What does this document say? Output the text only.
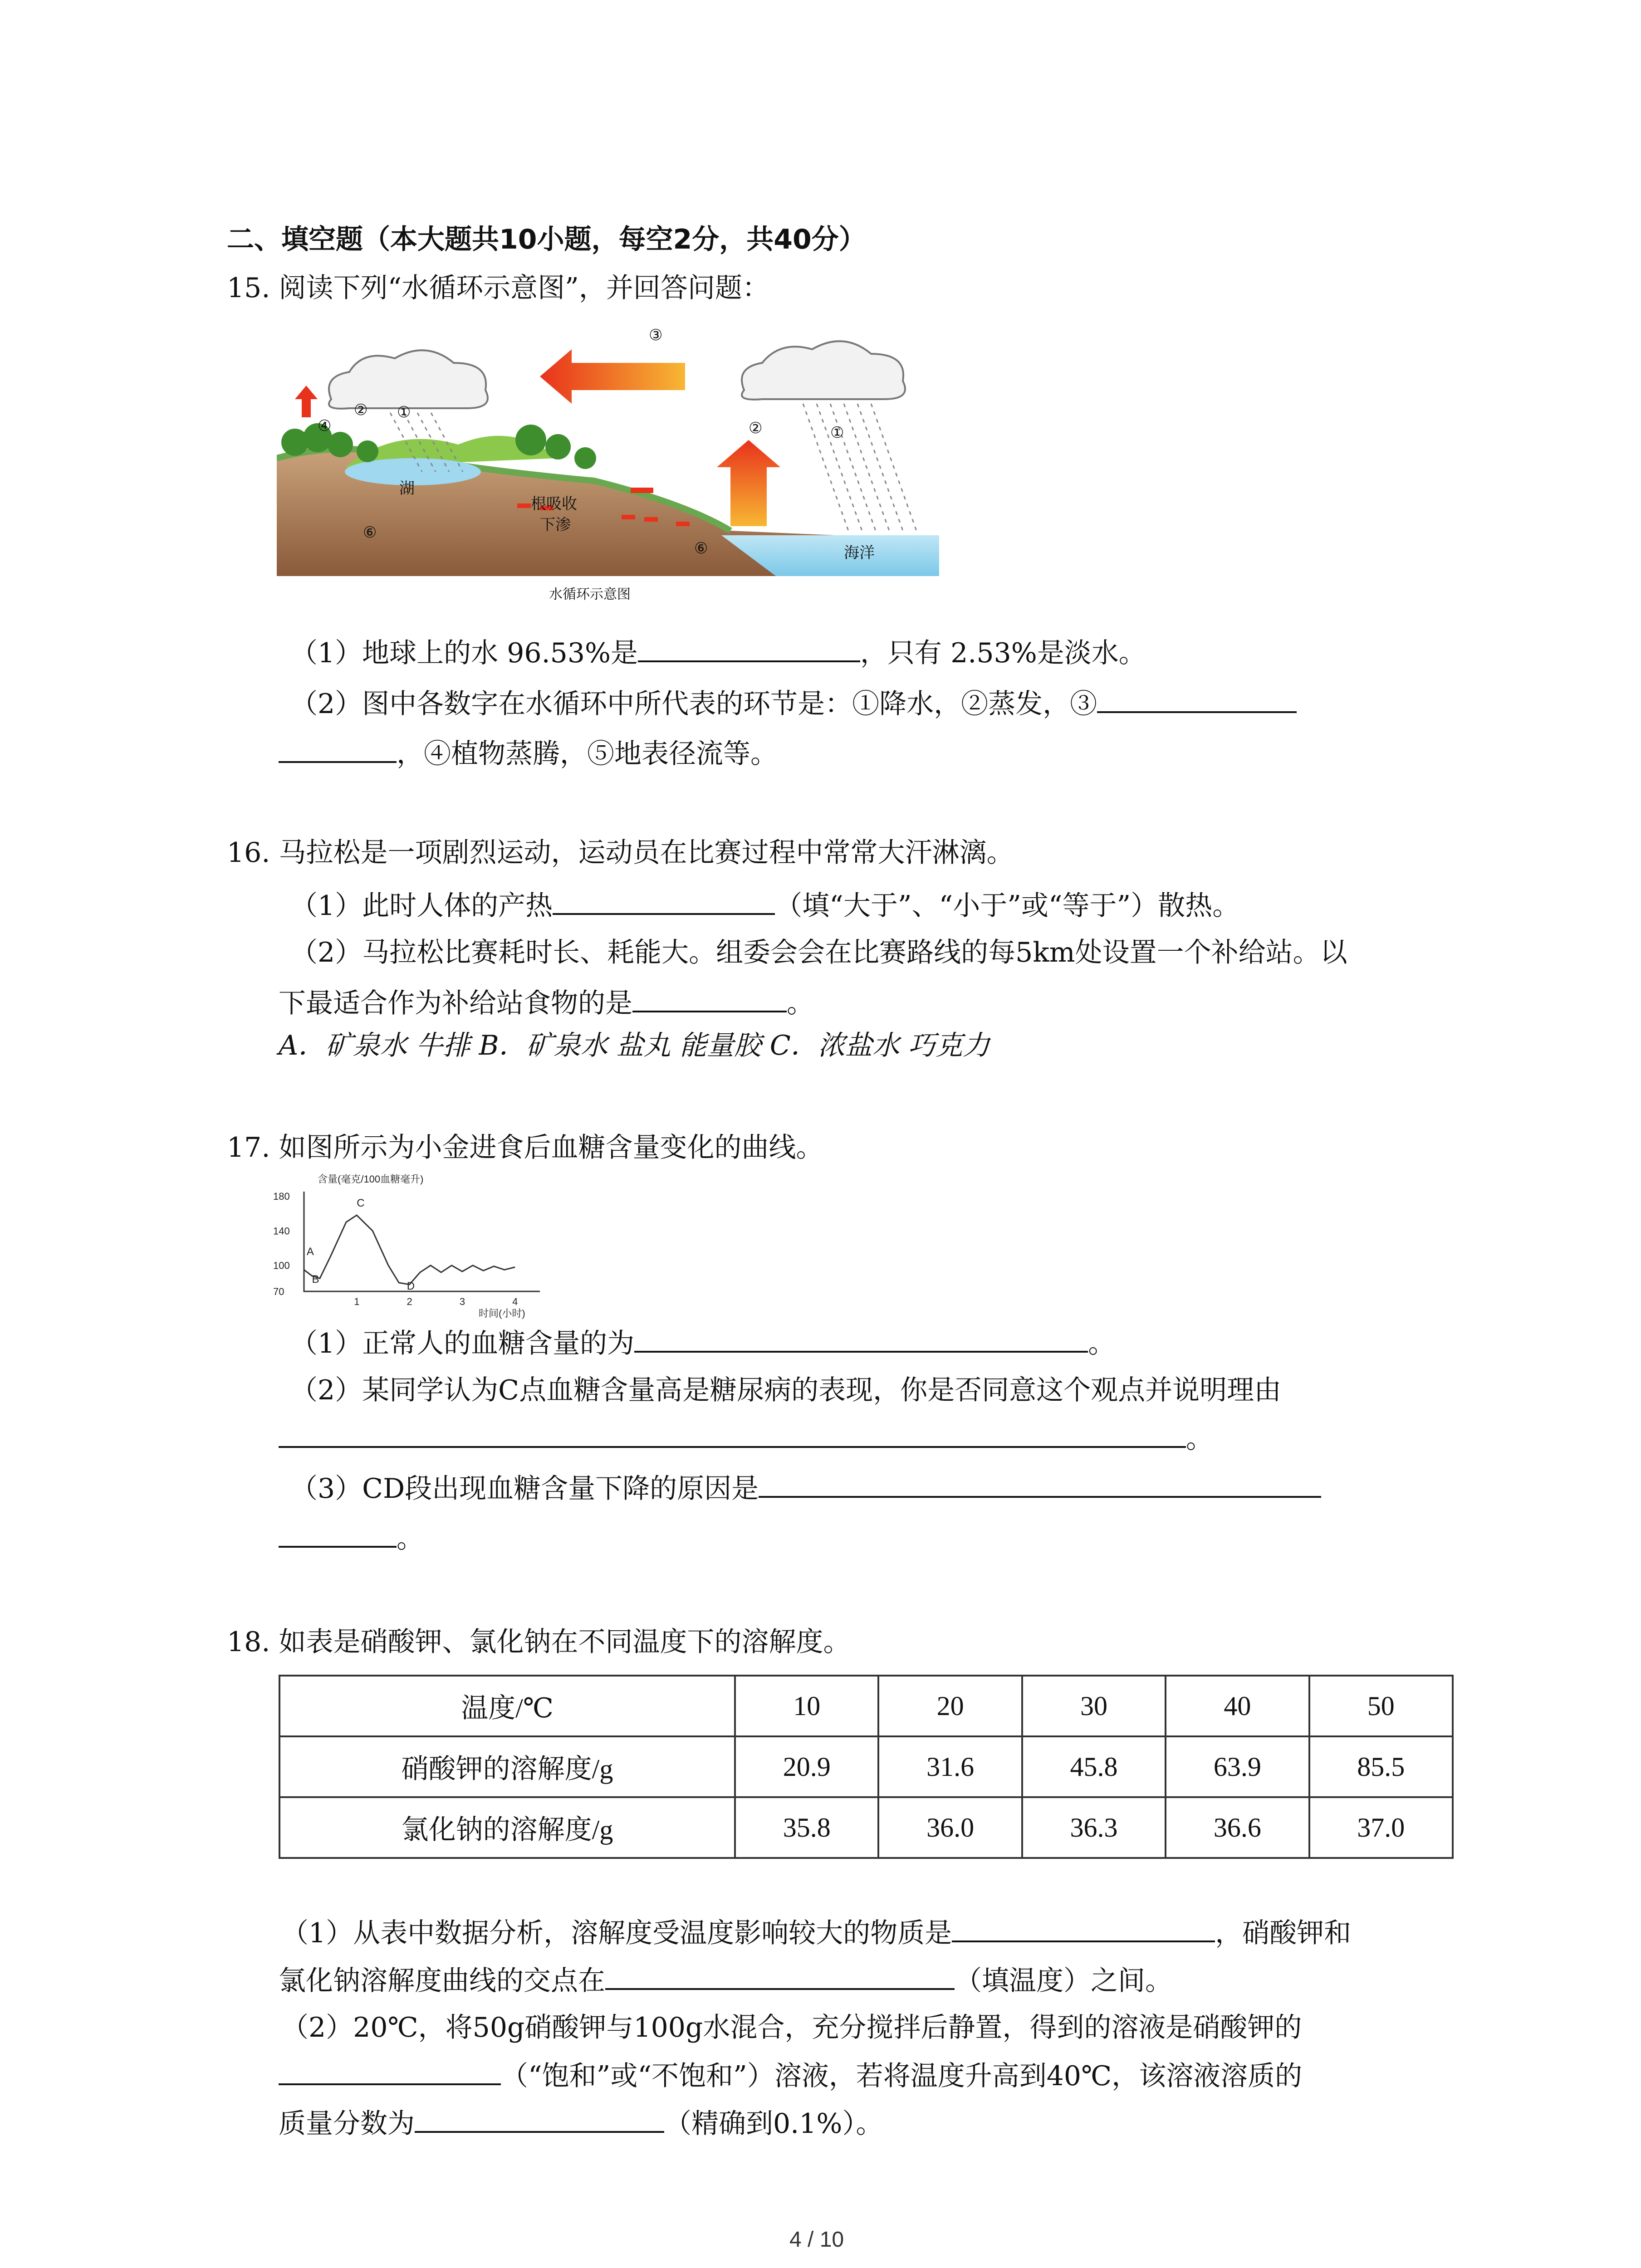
二、填空题（本大题共10小题，每空2分，共40分）
15. 阅读下列“水循环示意图”，并回答问题：
③
④
② ①
②	①
⑥
⑥
湖
根吸收
下渗
海洋
水循环示意图
（1）地球上的水 96.53%是	，只有 2.53%是淡水。
（2）图中各数字在水循环中所代表的环节是：①降水，②蒸发，③
，④植物蒸腾，⑤地表径流等。
16. 马拉松是一项剧烈运动，运动员在比赛过程中常常大汗淋漓。
（1）此时人体的产热	（填“大于”、“小于”或“等于”）散热。
（2）马拉松比赛耗时长、耗能大。组委会会在比赛路线的每5km处设置一个补给站。以
下最适合作为补给站食物的是	。
A．矿泉水 牛排 B．矿泉水 盐丸 能量胶 C．浓盐水 巧克力
17. 如图所示为小金进食后血糖含量变化的曲线。
含量(毫克/100血糖毫升)
时间(小时)
180
140
100
70
1	2	3	4
A
B
C
D
（1）正常人的血糖含量的为	。
（2）某同学认为C点血糖含量高是糖尿病的表现，你是否同意这个观点并说明理由
。
（3）CD段出现血糖含量下降的原因是
。
18. 如表是硝酸钾、氯化钠在不同温度下的溶解度。
温度/℃	10	20	30	40	50
硝酸钾的溶解度/g	20.9	31.6	45.8	63.9	85.5
氯化钠的溶解度/g	35.8	36.0	36.3	36.6	37.0
（1）从表中数据分析，溶解度受温度影响较大的物质是	，硝酸钾和
氯化钠溶解度曲线的交点在	（填温度）之间。
（2）20℃，将50g硝酸钾与100g水混合，充分搅拌后静置，得到的溶液是硝酸钾的
（“饱和”或“不饱和”）溶液，若将温度升高到40℃，该溶液溶质的
质量分数为	（精确到0.1%）。
4 / 10
